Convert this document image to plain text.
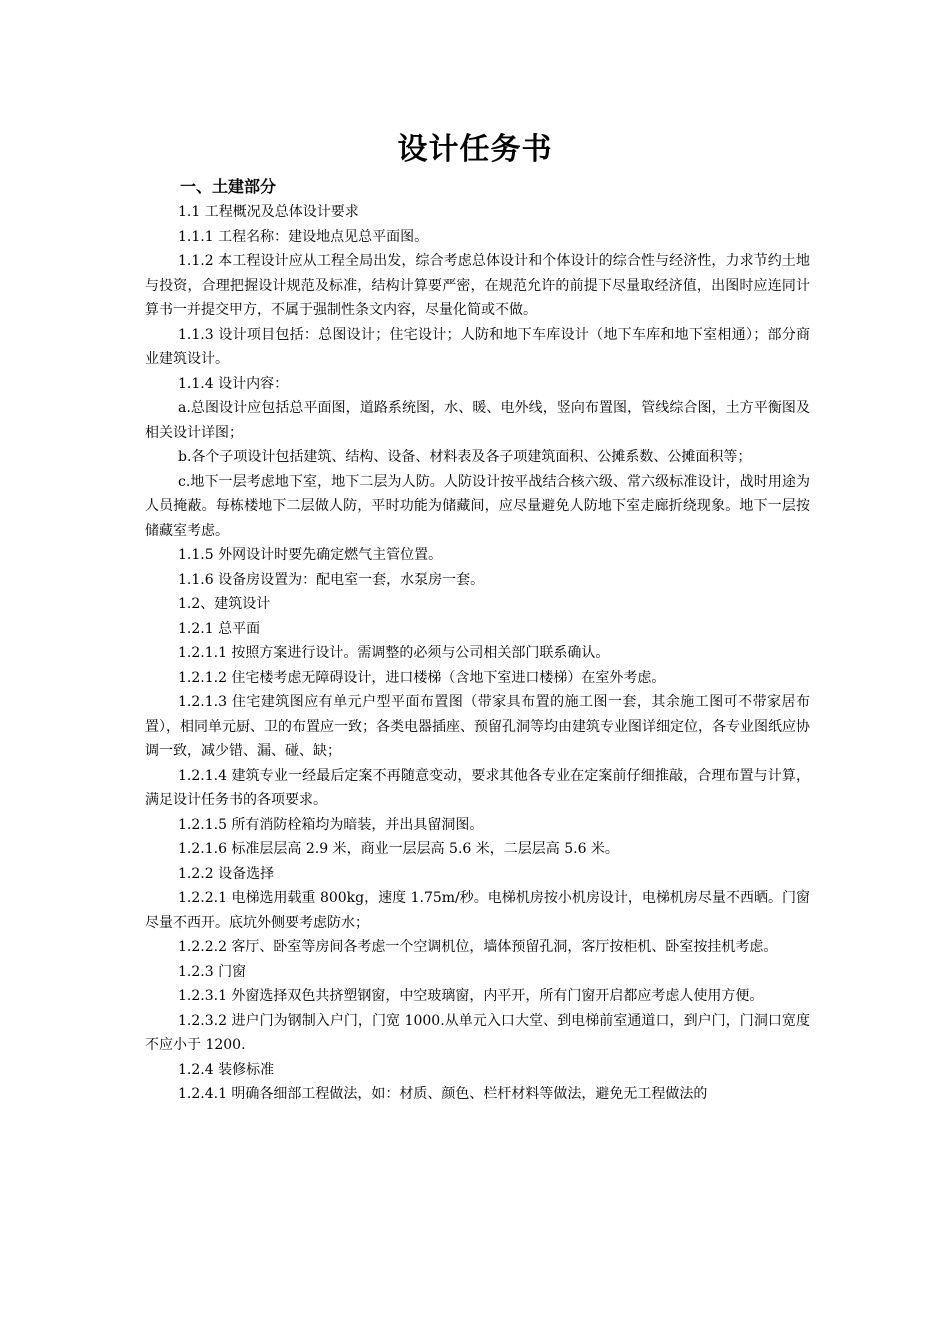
设计任务书
一、土建部分

1.1 工程概况及总体设计要求

1.1.1 工程名称：建设地点见总平面图。

1.1.2 本工程设计应从工程全局出发，综合考虑总体设计和个体设计的综合性与经济性，力求节约土地与投资，合理把握设计规范及标准，结构计算要严密，在规范允许的前提下尽量取经济值，出图时应连同计算书一并提交甲方，不属于强制性条文内容，尽量化简或不做。

1.1.3 设计项目包括：总图设计；住宅设计；人防和地下车库设计（地下车库和地下室相通）；部分商业建筑设计。

1.1.4 设计内容：

a.总图设计应包括总平面图，道路系统图，水、暖、电外线，竖向布置图，管线综合图，土方平衡图及相关设计详图；

b.各个子项设计包括建筑、结构、设备、材料表及各子项建筑面积、公摊系数、公摊面积等；

c.地下一层考虑地下室，地下二层为人防。人防设计按平战结合核六级、常六级标准设计，战时用途为人员掩蔽。每栋楼地下二层做人防，平时功能为储藏间，应尽量避免人防地下室走廊折绕现象。地下一层按储藏室考虑。

1.1.5 外网设计时要先确定燃气主管位置。

1.1.6 设备房设置为：配电室一套，水泵房一套。

1.2、建筑设计

1.2.1 总平面

1.2.1.1 按照方案进行设计。需调整的必须与公司相关部门联系确认。

1.2.1.2 住宅楼考虑无障碍设计，进口楼梯（含地下室进口楼梯）在室外考虑。

1.2.1.3 住宅建筑图应有单元户型平面布置图（带家具布置的施工图一套，其余施工图可不带家居布置），相同单元厨、卫的布置应一致；各类电器插座、预留孔洞等均由建筑专业图详细定位，各专业图纸应协调一致，减少错、漏、碰、缺；

1.2.1.4 建筑专业一经最后定案不再随意变动，要求其他各专业在定案前仔细推敲，合理布置与计算，满足设计任务书的各项要求。

1.2.1.5 所有消防栓箱均为暗装，并出具留洞图。

1.2.1.6 标准层层高 2.9 米，商业一层层高 5.6 米，二层层高 5.6 米。

1.2.2 设备选择

1.2.2.1 电梯选用载重 800kg，速度 1.75m/秒。电梯机房按小机房设计，电梯机房尽量不西晒。门窗尽量不西开。底坑外侧要考虑防水；

1.2.2.2 客厅、卧室等房间各考虑一个空调机位，墙体预留孔洞，客厅按柜机、卧室按挂机考虑。

1.2.3 门窗

1.2.3.1 外窗选择双色共挤塑钢窗，中空玻璃窗，内平开，所有门窗开启都应考虑人使用方便。

1.2.3.2 进户门为钢制入户门，门宽 1000.从单元入口大堂、到电梯前室通道口，到户门，门洞口宽度不应小于 1200.

1.2.4 装修标准

1.2.4.1 明确各细部工程做法，如：材质、颜色、栏杆材料等做法，避免无工程做法的
